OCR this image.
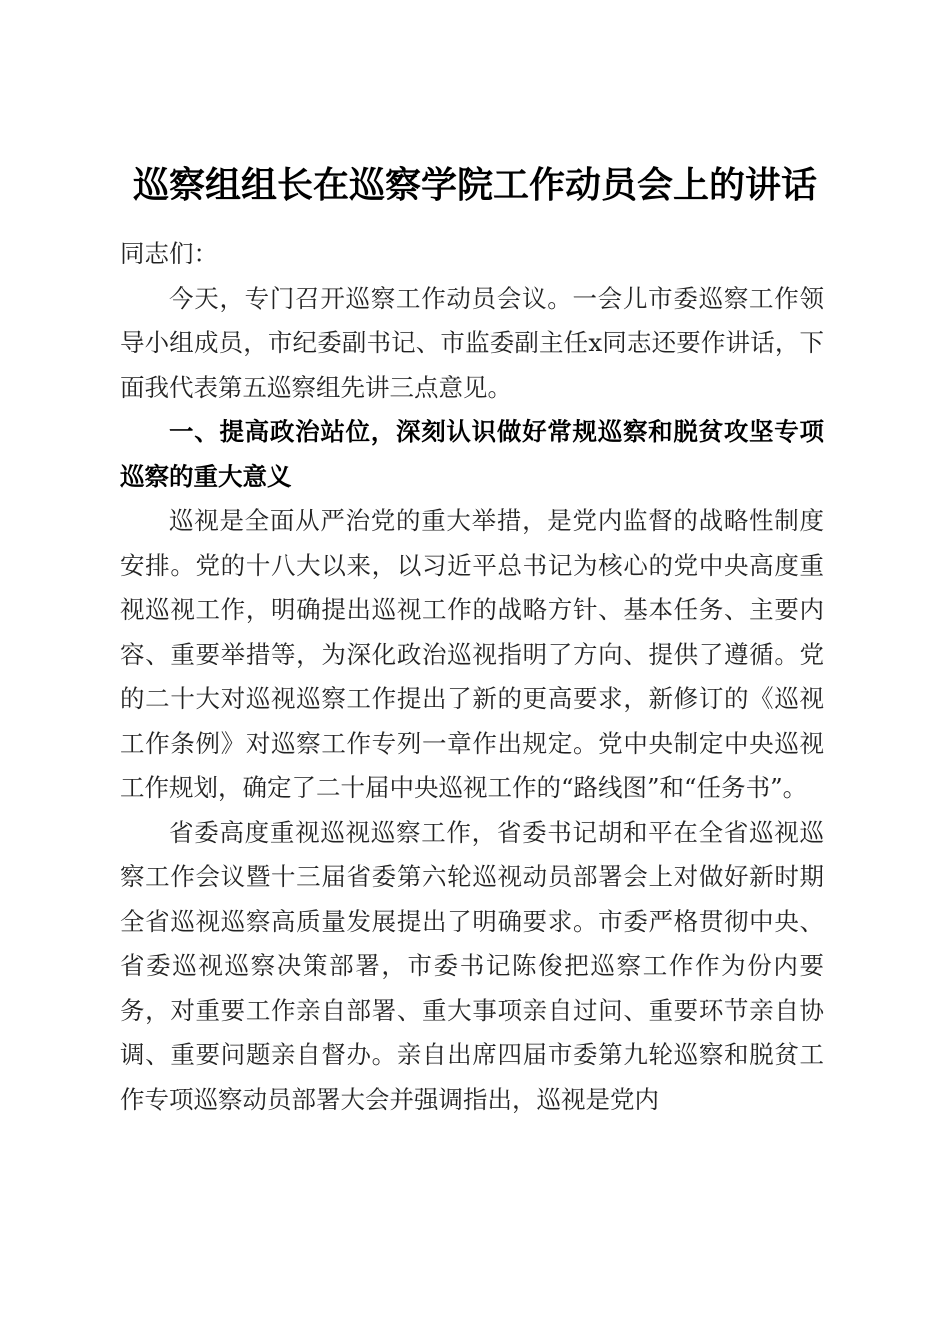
巡察组组长在巡察学院工作动员会上的讲话

同志们：

今天，专门召开巡察工作动员会议。一会儿市委巡察工作领导小组成员，市纪委副书记、市监委副主任x同志还要作讲话，下面我代表第五巡察组先讲三点意见。

一、提高政治站位，深刻认识做好常规巡察和脱贫攻坚专项巡察的重大意义

巡视是全面从严治党的重大举措，是党内监督的战略性制度安排。党的十八大以来，以习近平总书记为核心的党中央高度重视巡视工作，明确提出巡视工作的战略方针、基本任务、主要内容、重要举措等，为深化政治巡视指明了方向、提供了遵循。党的二十大对巡视巡察工作提出了新的更高要求，新修订的《巡视工作条例》对巡察工作专列一章作出规定。党中央制定中央巡视工作规划，确定了二十届中央巡视工作的“路线图”和“任务书”。

省委高度重视巡视巡察工作，省委书记胡和平在全省巡视巡察工作会议暨十三届省委第六轮巡视动员部署会上对做好新时期全省巡视巡察高质量发展提出了明确要求。市委严格贯彻中央、省委巡视巡察决策部署，市委书记陈俊把巡察工作作为份内要务，对重要工作亲自部署、重大事项亲自过问、重要环节亲自协调、重要问题亲自督办。亲自出席四届市委第九轮巡察和脱贫工作专项巡察动员部署大会并强调指出，巡视是党内
